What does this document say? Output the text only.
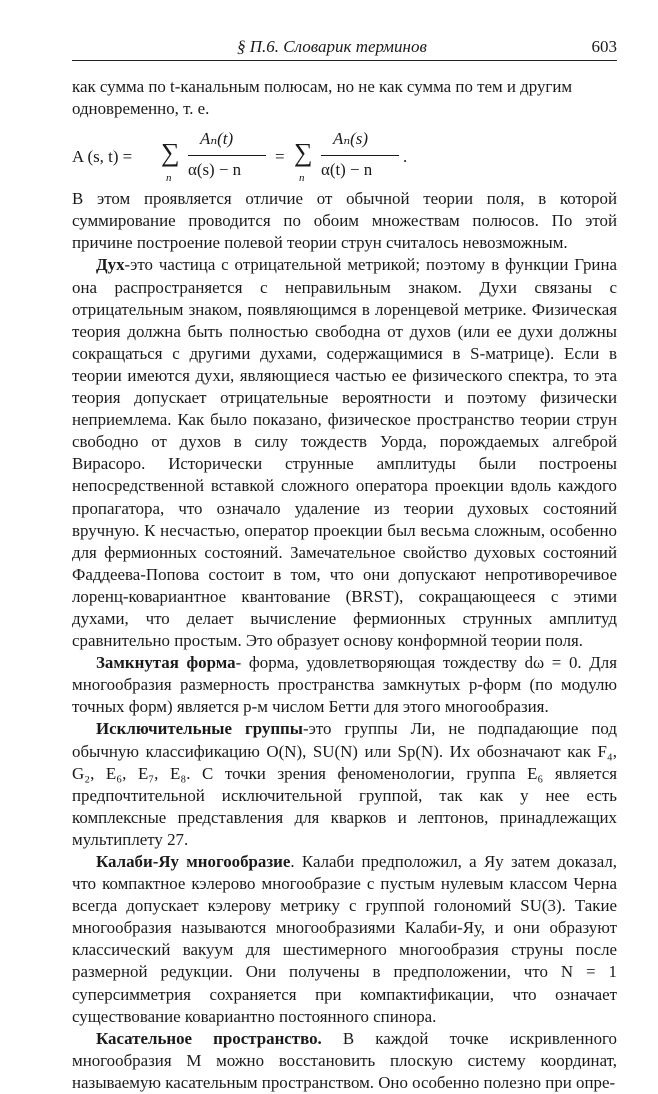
§ П.6. Словарик терминов	603

как сумма по t-канальным полюсам, но не как сумма по тем и другим

одновременно, т. е.

A (s, t) = ∑
n
Aₙ(t)
α(s) − n
= ∑
n
Aₙ(s)
α(t) − n
.

В этом проявляется отличие от обычной теории поля, в которой суммирование проводится по обоим множествам полюсов. По этой причине построение полевой теории струн считалось невозможным.

Дух-это частица с отрицательной метрикой; поэтому в функции Грина она распространяется с неправильным знаком. Духи связаны с отрицательным знаком, появляющимся в лоренцевой метрике. Физическая теория должна быть полностью свободна от духов (или ее духи должны сокращаться с другими духами, содержащимися в S-матрице). Если в теории имеются духи, являющиеся частью ее физического спектра, то эта теория допускает отрицательные вероятности и поэтому физически неприемлема. Как было показано, физическое пространство теории струн свободно от духов в силу тождеств Уорда, порождаемых алгеброй Вирасоро. Исторически струнные амплитуды были построены непосредственной вставкой сложного оператора проекции вдоль каждого пропагатора, что означало удаление из теории духовых состояний вручную. К несчастью, оператор проекции был весьма сложным, особенно для фермионных состояний. Замечательное свойство духовых состояний Фаддеева-Попова состоит в том, что они допускают непротиворечивое лоренц-ковариантное квантование (BRST), сокращающееся с этими духами, что делает вычисление фермионных струнных амплитуд сравнительно простым. Это образует основу конформной теории поля.

Замкнутая форма- форма, удовлетворяющая тождеству dω = 0. Для многообразия размерность пространства замкнутых p-форм (по модулю точных форм) является p-м числом Бетти для этого многообразия.

Исключительные группы-это группы Ли, не подпадающие под обычную классификацию O(N), SU(N) или Sp(N). Их обозначают как F₄, G₂, E₆, E₇, E₈. С точки зрения феноменологии, группа E₆ является предпочтительной исключительной группой, так как у нее есть комплексные представления для кварков и лептонов, принадлежащих мультиплету 27.

Калаби-Яу многообразие. Калаби предположил, а Яу затем доказал, что компактное кэлерово многообразие с пустым нулевым классом Черна всегда допускает кэлерову метрику с группой голономий SU(3). Такие многообразия называются многообразиями Калаби-Яу, и они образуют классический вакуум для шестимерного многообразия струны после размерной редукции. Они получены в предположении, что N = 1 суперсимметрия сохраняется при компактификации, что означает существование ковариантно постоянного спинора.

Касательное пространство. В каждой точке искривленного многообразия M можно восстановить плоскую систему координат, называемую касательным пространством. Оно особенно полезно при опре-
